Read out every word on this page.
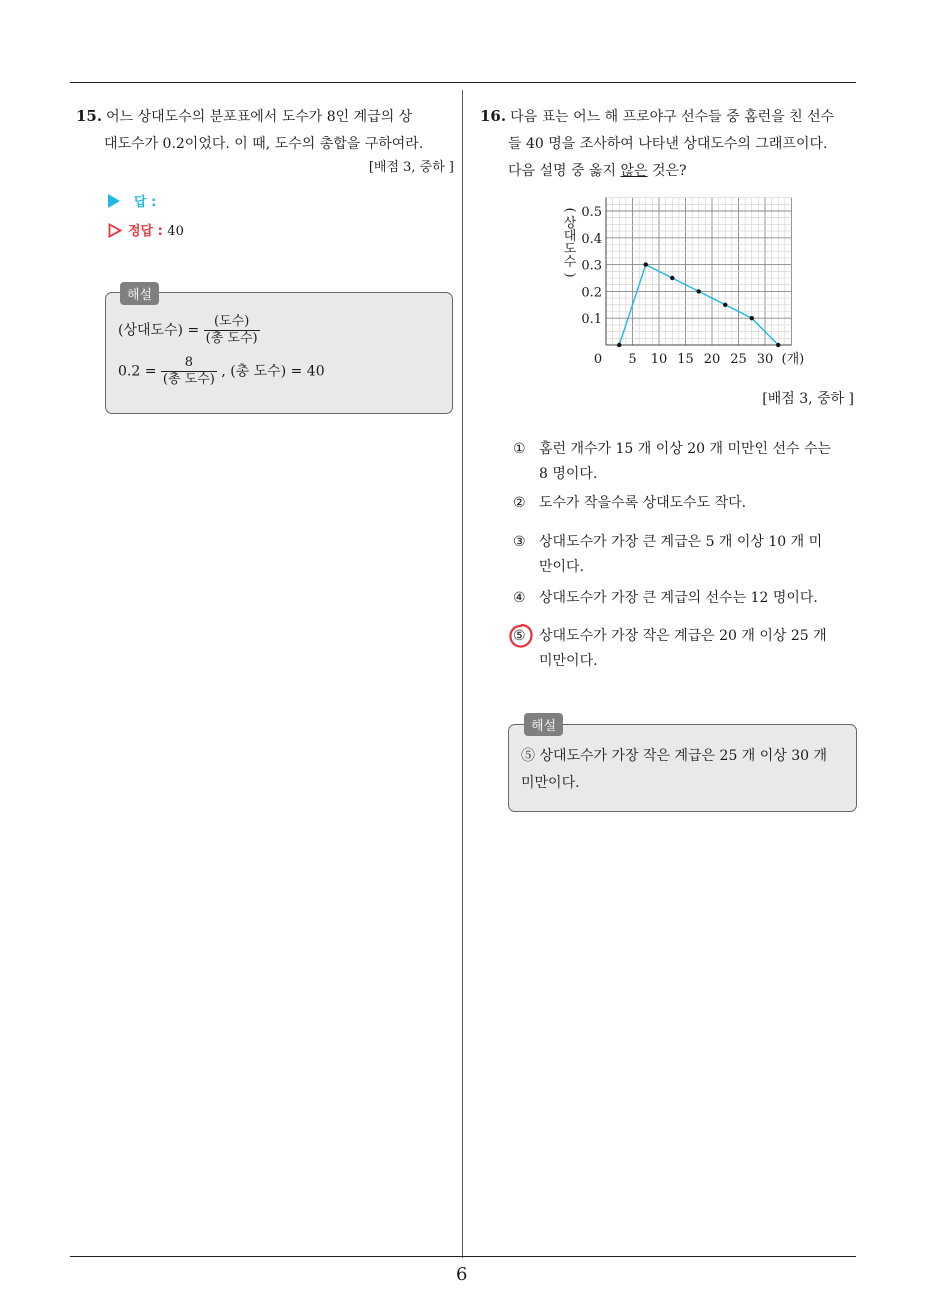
15. 어느 상대도수의 분포표에서 도수가 8인 계급의 상
대도수가 0.2이었다. 이 때, 도수의 총합을 구하여라.
[배점 3, 중하 ]
답 :
정답 : 40
(상대도수) = $\frac{\text{(도수)}}{\text{(총 도수)}}$
$0.2 = \frac{8}{\text{(총 도수)}}$ , (총 도수) = 40
해설
16. 다음 표는 어느 해 프로야구 선수들 중 홈런을 친 선수
들 40 명을 조사하여 나타낸 상대도수의 그래프이다.
다음 설명 중 옳지 않은 것은?
(
상
대
도
수
)
0 5 10 15 20 25 30 (개)
0.1
0.2
0.3
0.4
0.5
[배점 3, 중하 ]
① 홈런 개수가 15 개 이상 20 개 미만인 선수 수는
8 명이다.
② 도수가 작을수록 상대도수도 작다.
③ 상대도수가 가장 큰 계급은 5 개 이상 10 개 미
만이다.
④ 상대도수가 가장 큰 계급의 선수는 12 명이다.
⑤ 상대도수가 가장 작은 계급은 20 개 이상 25 개
미만이다.
⑤ 상대도수가 가장 작은 계급은 25 개 이상 30 개
미만이다.
해설
6
